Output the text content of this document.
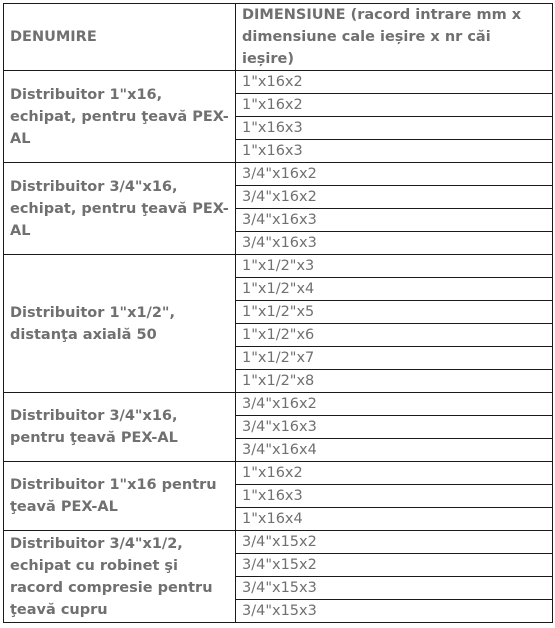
DENUMIRE	DIMENSIUNE (racord intrare mm x dimensiune cale ieșire x nr căi ieșire)
Distribuitor 1"x16, echipat, pentru ţeavă PEX-AL	1"x16x2
	1"x16x2
	1"x16x3
	1"x16x3
Distribuitor 3/4"x16, echipat, pentru ţeavă PEX-AL	3/4"x16x2
	3/4"x16x2
	3/4"x16x3
	3/4"x16x3
Distribuitor 1"x1/2", distanţa axială 50	1"x1/2"x3
	1"x1/2"x4
	1"x1/2"x5
	1"x1/2"x6
	1"x1/2"x7
	1"x1/2"x8
Distribuitor 3/4"x16, pentru ţeavă PEX-AL	3/4"x16x2
	3/4"x16x3
	3/4"x16x4
Distribuitor 1"x16 pentru ţeavă PEX-AL	1"x16x2
	1"x16x3
	1"x16x4
Distribuitor 3/4"x1/2, echipat cu robinet şi racord compresie pentru ţeavă cupru	3/4"x15x2
	3/4"x15x2
	3/4"x15x3
	3/4"x15x3
